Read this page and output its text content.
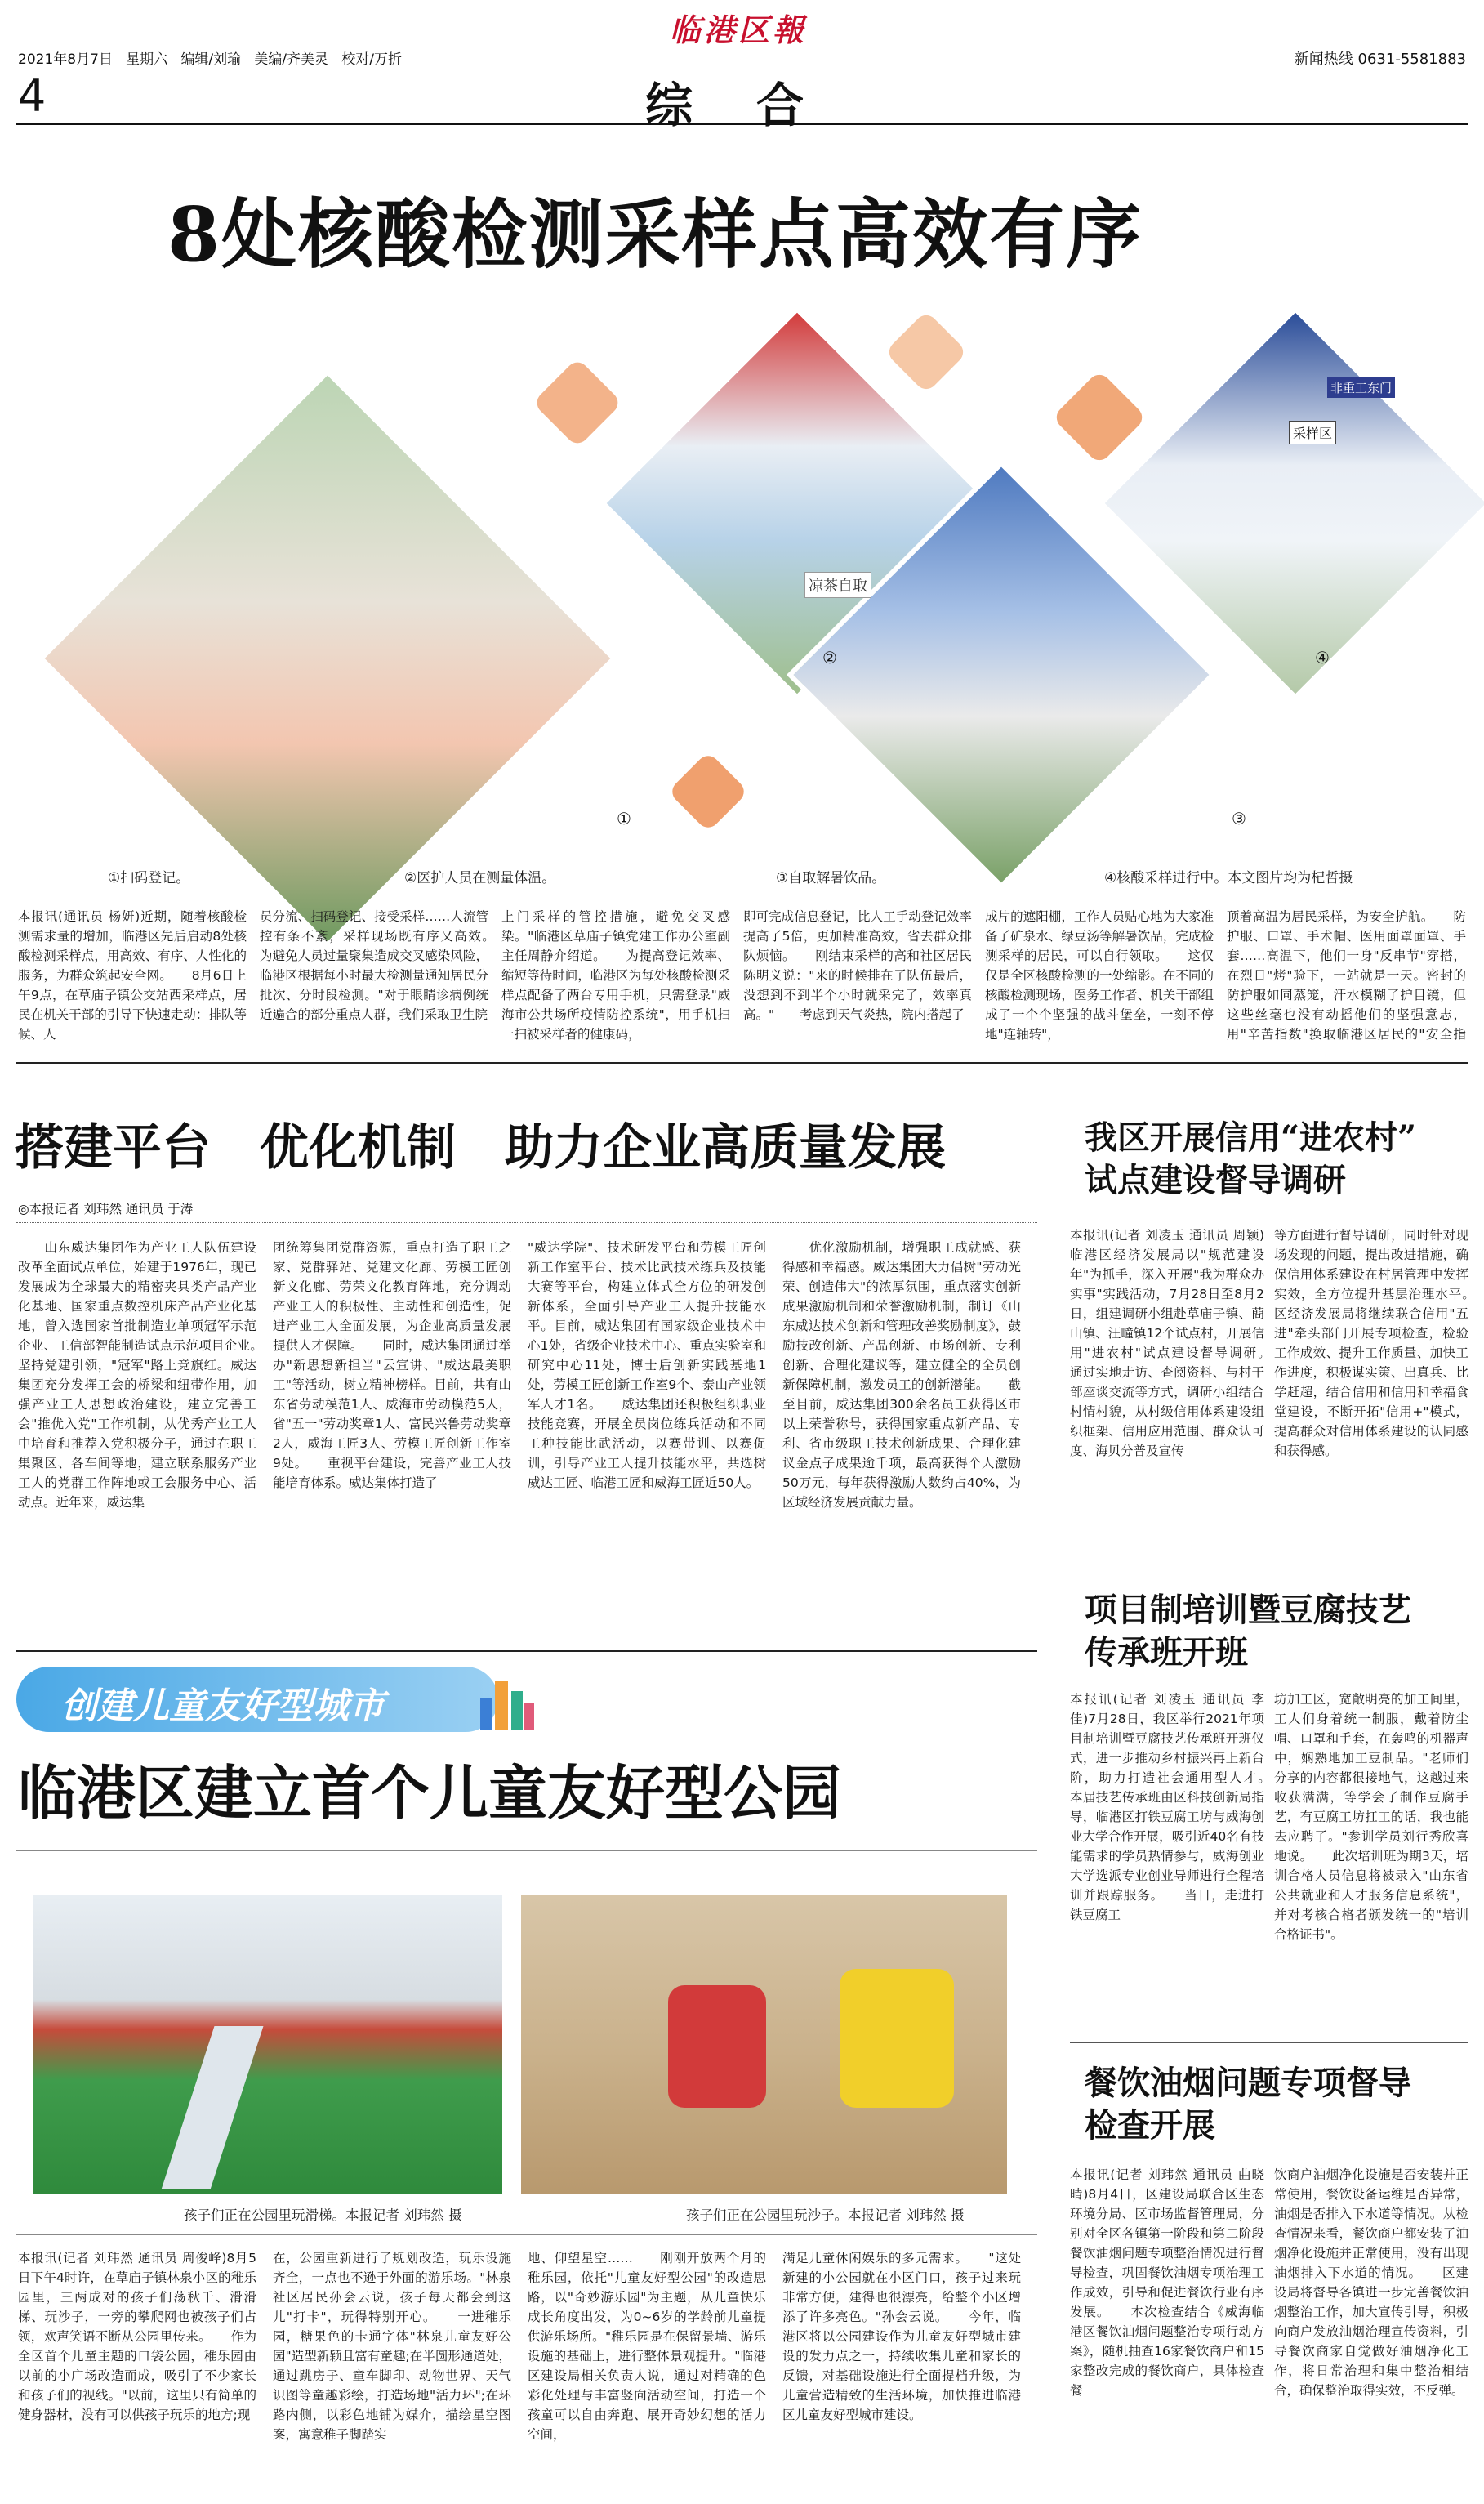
2021年8月7日 星期六 编辑/刘瑜 美编/齐美灵 校对/万折
临港区報
4	综　合
新闻热线 0631-5581883
8处核酸检测采样点高效有序
凉茶自取
非重工东门
采样区
①
②
③
④
①扫码登记。	②医护人员在测量体温。	③自取解暑饮品。	④核酸采样进行中。本文图片均为杞哲摄
本报讯(通讯员 杨妍)近期，随着核酸检测需求量的增加，临港区先后启动8处核酸检测采样点，用高效、有序、人性化的服务，为群众筑起安全网。　　8月6日上午9点，在草庙子镇公交站西采样点，居民在机关干部的引导下快速走动：排队等候、人
员分流、扫码登记、接受采样……人流管控有条不紊，采样现场既有序又高效。　　为避免人员过量聚集造成交叉感染风险，临港区根据每小时最大检测量通知居民分批次、分时段检测。"对于眼睛诊病例统近遍合的部分重点人群，我们采取卫生院
上门采样的管控措施，避免交叉感染。"临港区草庙子镇党建工作办公室副主任周静介绍道。　　为提高登记效率、缩短等待时间，临港区为每处核酸检测采样点配备了两台专用手机，只需登录"威海市公共场所疫情防控系统"，用手机扫一扫被采样者的健康码，
即可完成信息登记，比人工手动登记效率提高了5倍，更加精准高效，省去群众排队烦恼。　　刚结束采样的高和社区居民陈明义说："来的时候排在了队伍最后，没想到不到半个小时就采完了，效率真高。"　　考虑到天气炎热，院内搭起了
成片的遮阳棚，工作人员贴心地为大家准备了矿泉水、绿豆汤等解暑饮品，完成检测采样的居民，可以自行领取。　　这仅仅是全区核酸检测的一处缩影。在不同的核酸检测现场，医务工作者、机关干部组成了一个个坚强的战斗堡垒，一刻不停地"连轴转"，
顶着高温为居民采样，为安全护航。　　防护服、口罩、手术帽、医用面罩面罩、手套……高温下，他们一身"反串节"穿搭，在烈日"烤"验下，一站就是一天。密封的防护服如同蒸笼，汗水模糊了护目镜，但这些丝毫也没有动摇他们的坚强意志，用"辛苦指数"换取临港区居民的"安全指
搭建平台　优化机制　助力企业高质量发展
◎本报记者 刘玮然 通讯员 于涛
　　山东威达集团作为产业工人队伍建设改革全面试点单位，始建于1976年，现已发展成为全球最大的精密夹具类产品产业化基地、国家重点数控机床产品产业化基地，曾入选国家首批制造业单项冠军示范企业、工信部智能制造试点示范项目企业。　　坚持党建引领，"冠军"路上竞旗红。威达集团充分发挥工会的桥梁和纽带作用，加强产业工人思想政治建设，建立完善工会"推优入党"工作机制，从优秀产业工人中培育和推荐入党积极分子，通过在职工集聚区、各车间等地，建立联系服务产业工人的党群工作阵地或工会服务中心、活动点。近年来，威达集
团统筹集团党群资源，重点打造了职工之家、党群驿站、党建文化廊、劳模工匠创新文化廊、劳荣文化教育阵地，充分调动产业工人的积极性、主动性和创造性，促进产业工人全面发展，为企业高质量发展提供人才保障。　　同时，威达集团通过举办"新思想新担当"云宣讲、"威达最美职工"等活动，树立精神榜样。目前，共有山东省劳动模范1人、威海市劳动模范5人，省"五一"劳动奖章1人、富民兴鲁劳动奖章2人，威海工匠3人、劳模工匠创新工作室9处。　　重视平台建设，完善产业工人技能培育体系。威达集体打造了
"威达学院"、技术研发平台和劳模工匠创新工作室平台、技术比武技术练兵及技能大赛等平台，构建立体式全方位的研发创新体系，全面引导产业工人提升技能水平。目前，威达集团有国家级企业技术中心1处，省级企业技术中心、重点实验室和研究中心11处，博士后创新实践基地1处，劳模工匠创新工作室9个、泰山产业领军人才1名。　　威达集团还积极组织职业技能竞赛，开展全员岗位练兵活动和不同工种技能比武活动，以赛带训、以赛促训，引导产业工人提升技能水平，共选树威达工匠、临港工匠和威海工匠近50人。
　　优化激励机制，增强职工成就感、获得感和幸福感。威达集团大力倡树"劳动光荣、创造伟大"的浓厚氛围，重点落实创新成果激励机制和荣誉激励机制，制订《山东威达技术创新和管理改善奖励制度》，鼓励技改创新、产品创新、市场创新、专利创新、合理化建议等，建立健全的全员创新保障机制，激发员工的创新潜能。　　截至目前，威达集团300余名员工获得区市以上荣誉称号，获得国家重点新产品、专利、省市级职工技术创新成果、合理化建议金点子成果逾千项，最高获得个人激励50万元，每年获得激励人数约占40%，为区域经济发展贡献力量。
我区开展信用“进农村”
试点建设督导调研
本报讯(记者 刘凌玉 通讯员 周颖)临港区经济发展局以"规范建设年"为抓手，深入开展"我为群众办实事"实践活动，7月28日至8月2日，组建调研小组赴草庙子镇、蔄山镇、汪疃镇12个试点村，开展信用"进农村"试点建设督导调研。　　通过实地走访、查阅资料、与村干部座谈交流等方式，调研小组结合村情村貌，从村级信用体系建设组织框架、信用应用范围、群众认可度、海贝分普及宣传
等方面进行督导调研，同时针对现场发现的问题，提出改进措施，确保信用体系建设在村居管理中发挥实效，全方位提升基层治理水平。　　区经济发展局将继续联合信用"五进"牵头部门开展专项检查，检验工作成效、提升工作质量、加快工作进度，积极谋实策、出真兵、比学赶超，结合信用和信用和幸福食堂建设，不断开拓"信用+"模式，提高群众对信用体系建设的认同感和获得感。
项目制培训暨豆腐技艺
传承班开班
本报讯(记者 刘凌玉 通讯员 李佳)7月28日，我区举行2021年项目制培训暨豆腐技艺传承班开班仪式，进一步推动乡村振兴再上新台阶，助力打造社会通用型人才。　　本届技艺传承班由区科技创新局指导，临港区打铁豆腐工坊与威海创业大学合作开展，吸引近40名有技能需求的学员热情参与，威海创业大学选派专业创业导师进行全程培训并跟踪服务。　　当日，走进打铁豆腐工
坊加工区，宽敞明亮的加工间里，工人们身着统一制服，戴着防尘帽、口罩和手套，在轰鸣的机器声中，娴熟地加工豆制品。"老师们分享的内容都很接地气，这越过来收获满满，等学会了制作豆腐手艺，有豆腐工坊扛工的话，我也能去应聘了。"参训学员刘行秀欣喜地说。　　此次培训班为期3天，培训合格人员信息将被录入"山东省公共就业和人才服务信息系统"，并对考核合格者颁发统一的"培训合格证书"。
餐饮油烟问题专项督导
检查开展
本报讯(记者 刘玮然 通讯员 曲晓晴)8月4日，区建设局联合区生态环境分局、区市场监督管理局，分别对全区各镇第一阶段和第二阶段餐饮油烟问题专项整治情况进行督导检查，巩固餐饮油烟专项治理工作成效，引导和促进餐饮行业有序发展。　　本次检查结合《威海临港区餐饮油烟问题整治专项行动方案》，随机抽查16家餐饮商户和15家整改完成的餐饮商户，具体检查餐
饮商户油烟净化设施是否安装并正常使用，餐饮设备运维是否异常，油烟是否排入下水道等情况。从检查情况来看，餐饮商户都安装了油烟净化设施并正常使用，没有出现油烟排入下水道的情况。　　区建设局将督导各镇进一步完善餐饮油烟整治工作，加大宣传引导，积极向商户发放油烟治理宣传资料，引导餐饮商家自觉做好油烟净化工作，将日常治理和集中整治相结合，确保整治取得实效，不反弹。
创建儿童友好型城市
临港区建立首个儿童友好型公园
孩子们正在公园里玩滑梯。本报记者 刘玮然 摄	孩子们正在公园里玩沙子。本报记者 刘玮然 摄
本报讯(记者 刘玮然 通讯员 周俊峰)8月5日下午4时许，在草庙子镇林泉小区的稚乐园里，三两成对的孩子们荡秋千、滑滑梯、玩沙子，一旁的攀爬网也被孩子们占领，欢声笑语不断从公园里传来。　　作为全区首个儿童主题的口袋公园，稚乐园由以前的小广场改造而成，吸引了不少家长和孩子们的视线。"以前，这里只有简单的健身器材，没有可以供孩子玩乐的地方;现
在，公园重新进行了规划改造，玩乐设施齐全，一点也不逊于外面的游乐场。"林泉社区居民孙会云说，孩子每天都会到这儿"打卡"，玩得特别开心。　　一进稚乐园，糖果色的卡通字体"林泉儿童友好公园"造型新颖且富有童趣;在半圆形通道处，通过跳房子、童车脚印、动物世界、天气识图等童趣彩绘，打造场地"活力环";在环路内侧，以彩色地铺为媒介，描绘星空图案，寓意稚子脚踏实
地、仰望星空……　　刚刚开放两个月的稚乐园，依托"儿童友好型公园"的改造思路，以"奇妙游乐园"为主题，从儿童快乐成长角度出发，为0~6岁的学龄前儿童提供游乐场所。"稚乐园是在保留景墙、游乐设施的基础上，进行整体景观提升。"临港区建设局相关负责人说，通过对精确的色彩化处理与丰富竖向活动空间，打造一个孩童可以自由奔跑、展开奇妙幻想的活力空间，
满足儿童休闲娱乐的多元需求。　　"这处新建的小公园就在小区门口，孩子过来玩非常方便，建得也很漂亮，给整个小区增添了许多亮色。"孙会云说。　　今年，临港区将以公园建设作为儿童友好型城市建设的发力点之一，持续收集儿童和家长的反馈，对基础设施进行全面提档升级，为儿童营造精致的生活环境，加快推进临港区儿童友好型城市建设。
